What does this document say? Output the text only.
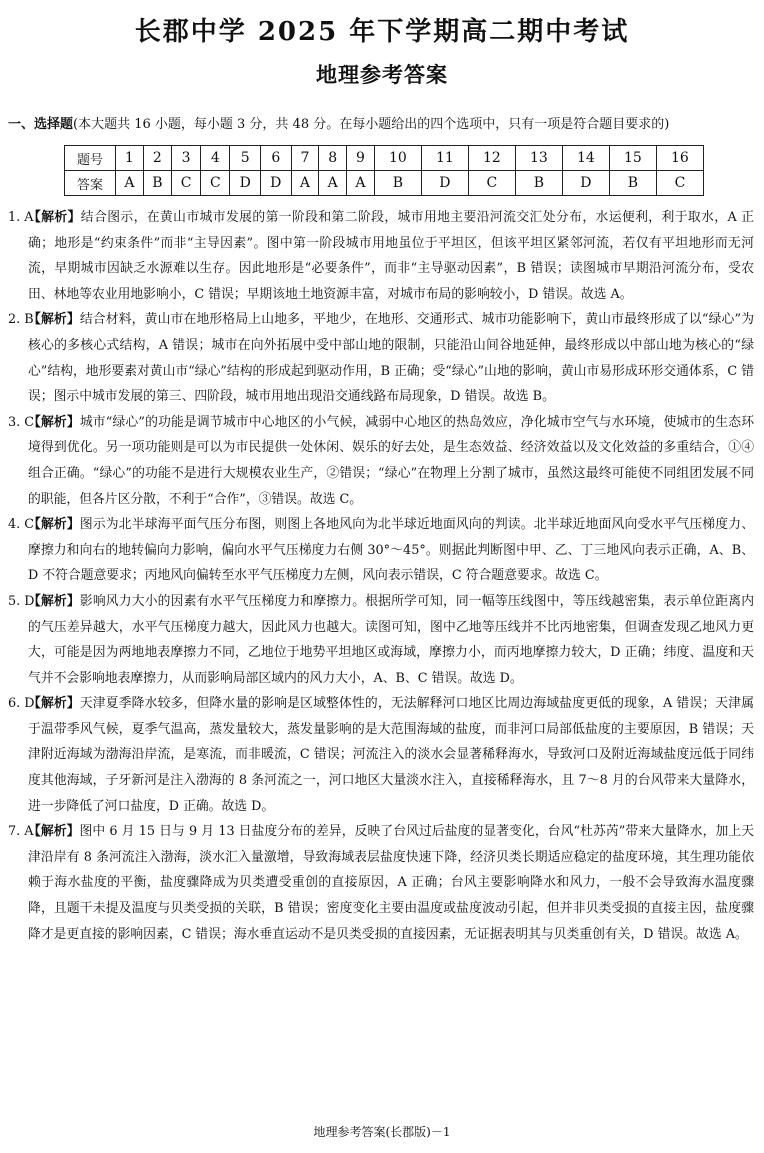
长郡中学 2025 年下学期高二期中考试
地理参考答案
一、选择题(本大题共 16 小题，每小题 3 分，共 48 分。在每小题给出的四个选项中，只有一项是符合题目要求的)
题号	1	2	3	4	5	6	7	8	9	10	11	12	13	14	15	16
答案	A	B	C	C	D	D	A	A	A	B	D	C	B	D	B	C

1. A
【解析】结合图示，在黄山市城市发展的第一阶段和第二阶段，城市用地主要沿河流交汇处分布，水运便利，利于取水，A 正确；地形是“约束条件”而非“主导因素”。图中第一阶段城市用地虽位于平坦区，但该平坦区紧邻河流，若仅有平坦地形而无河流，早期城市因缺乏水源难以生存。因此地形是“必要条件”，而非“主导驱动因素”，B 错误；读图城市早期沿河流分布，受农田、林地等农业用地影响小，C 错误；早期该地土地资源丰富，对城市布局的影响较小，D 错误。故选 A。

2. B
【解析】结合材料，黄山市在地形格局上山地多，平地少，在地形、交通形式、城市功能影响下，黄山市最终形成了以“绿心”为核心的多核心式结构，A 错误；城市在向外拓展中受中部山地的限制，只能沿山间谷地延伸，最终形成以中部山地为核心的“绿心”结构，地形要素对黄山市“绿心”结构的形成起到驱动作用，B 正确；受“绿心”山地的影响，黄山市易形成环形交通体系，C 错误；图示中城市发展的第三、四阶段，城市用地出现沿交通线路布局现象，D 错误。故选 B。

3. C
【解析】城市“绿心”的功能是调节城市中心地区的小气候，减弱中心地区的热岛效应，净化城市空气与水环境，使城市的生态环境得到优化。另一项功能则是可以为市民提供一处休闲、娱乐的好去处，是生态效益、经济效益以及文化效益的多重结合，①④组合正确。“绿心”的功能不是进行大规模农业生产，②错误；“绿心”在物理上分割了城市，虽然这最终可能使不同组团发展不同的职能，但各片区分散，不利于“合作”，③错误。故选 C。

4. C
【解析】图示为北半球海平面气压分布图，则图上各地风向为北半球近地面风向的判读。北半球近地面风向受水平气压梯度力、摩擦力和向右的地转偏向力影响，偏向水平气压梯度力右侧 30°～45°。则据此判断图中甲、乙、丁三地风向表示正确，A、B、D 不符合题意要求；丙地风向偏转至水平气压梯度力左侧，风向表示错误，C 符合题意要求。故选 C。

5. D
【解析】影响风力大小的因素有水平气压梯度力和摩擦力。根据所学可知，同一幅等压线图中，等压线越密集，表示单位距离内的气压差异越大，水平气压梯度力越大，因此风力也越大。读图可知，图中乙地等压线并不比丙地密集，但调查发现乙地风力更大，可能是因为两地地表摩擦力不同，乙地位于地势平坦地区或海域，摩擦力小，而丙地摩擦力较大，D 正确；纬度、温度和天气并不会影响地表摩擦力，从而影响局部区域内的风力大小，A、B、C 错误。故选 D。

6. D
【解析】天津夏季降水较多，但降水量的影响是区域整体性的，无法解释河口地区比周边海域盐度更低的现象，A 错误；天津属于温带季风气候，夏季气温高，蒸发量较大，蒸发量影响的是大范围海域的盐度，而非河口局部低盐度的主要原因，B 错误；天津附近海域为渤海沿岸流，是寒流，而非暖流，C 错误；河流注入的淡水会显著稀释海水，导致河口及附近海域盐度远低于同纬度其他海域，子牙新河是注入渤海的 8 条河流之一，河口地区大量淡水注入，直接稀释海水，且 7～8 月的台风带来大量降水，进一步降低了河口盐度，D 正确。故选 D。

7. A
【解析】图中 6 月 15 日与 9 月 13 日盐度分布的差异，反映了台风过后盐度的显著变化，台风“杜苏芮”带来大量降水，加上天津沿岸有 8 条河流注入渤海，淡水汇入量激增，导致海域表层盐度快速下降，经济贝类长期适应稳定的盐度环境，其生理功能依赖于海水盐度的平衡，盐度骤降成为贝类遭受重创的直接原因，A 正确；台风主要影响降水和风力，一般不会导致海水温度骤降，且题干未提及温度与贝类受损的关联，B 错误；密度变化主要由温度或盐度波动引起，但并非贝类受损的直接主因，盐度骤降才是更直接的影响因素，C 错误；海水垂直运动不是贝类受损的直接因素，无证据表明其与贝类重创有关，D 错误。故选 A。

地理参考答案(长郡版)－1
